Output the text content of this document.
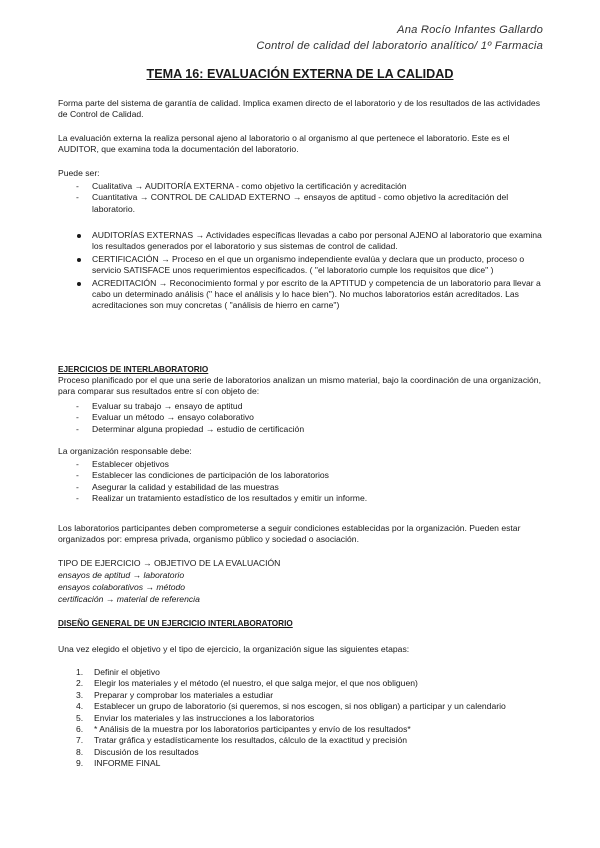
Ana Rocío Infantes Gallardo
Control de calidad del laboratorio analítico/ 1º Farmacia
TEMA 16: EVALUACIÓN EXTERNA DE LA CALIDAD
Forma parte del sistema de garantía de calidad. Implica examen directo de el laboratorio y de los resultados de las actividades de Control de Calidad.
La evaluación externa la realiza personal ajeno al laboratorio o al organismo al que pertenece el laboratorio. Este es el AUDITOR, que examina toda la documentación del laboratorio.
Puede ser:
- Cualitativa → AUDITORÍA EXTERNA - como objetivo la certificación y acreditación
- Cuantitativa → CONTROL DE CALIDAD EXTERNO → ensayos de aptitud - como objetivo la acreditación del laboratorio.
AUDITORÍAS EXTERNAS → Actividades específicas llevadas a cabo por personal AJENO al laboratorio que examina los resultados generados por el laboratorio y sus sistemas de control de calidad.
CERTIFICACIÓN → Proceso en el que un organismo independiente evalúa y declara que un producto, proceso o servicio SATISFACE unos requerimientos especificados. ( "el laboratorio cumple los requisitos que dice" )
ACREDITACIÓN → Reconocimiento formal y por escrito de la APTITUD y competencia de un laboratorio para llevar a cabo un determinado análisis (" hace el análisis y lo hace bien"). No muchos laboratorios están acreditados. Las acreditaciones son muy concretas ( "análisis de hierro en carne")
EJERCICIOS DE INTERLABORATORIO
Proceso planificado por el que una serie de laboratorios analizan un mismo material, bajo la coordinación de una organización, para comparar sus resultados entre sí con objeto de:
- Evaluar su trabajo → ensayo de aptitud
- Evaluar un método → ensayo colaborativo
- Determinar alguna propiedad → estudio de certificación
La organización responsable debe:
- Establecer objetivos
- Establecer las condiciones de participación de los laboratorios
- Asegurar la calidad y estabilidad de las muestras
- Realizar un tratamiento estadístico de los resultados y emitir un informe.
Los laboratorios participantes deben comprometerse a seguir condiciones establecidas por la organización. Pueden estar organizados por: empresa privada, organismo público y sociedad o asociación.
TIPO DE EJERCICIO → OBJETIVO DE LA EVALUACIÓN
ensayos de aptitud → laboratorio
ensayos colaborativos → método
certificación → material de referencia
DISEÑO GENERAL DE UN EJERCICIO INTERLABORATORIO
Una vez elegido el objetivo y el tipo de ejercicio, la organización sigue las siguientes etapas:
1. Definir el objetivo
2. Elegir los materiales y el método (el nuestro, el que salga mejor, el que nos obliguen)
3. Preparar y comprobar los materiales a estudiar
4. Establecer un grupo de laboratorio (si queremos, si nos escogen, si nos obligan) a participar y un calendario
5. Enviar los materiales y las instrucciones a los laboratorios
6. * Análisis de la muestra por los laboratorios participantes y envío de los resultados*
7. Tratar gráfica y estadísticamente los resultados, cálculo de la exactitud y precisión
8. Discusión de los resultados
9. INFORME FINAL
